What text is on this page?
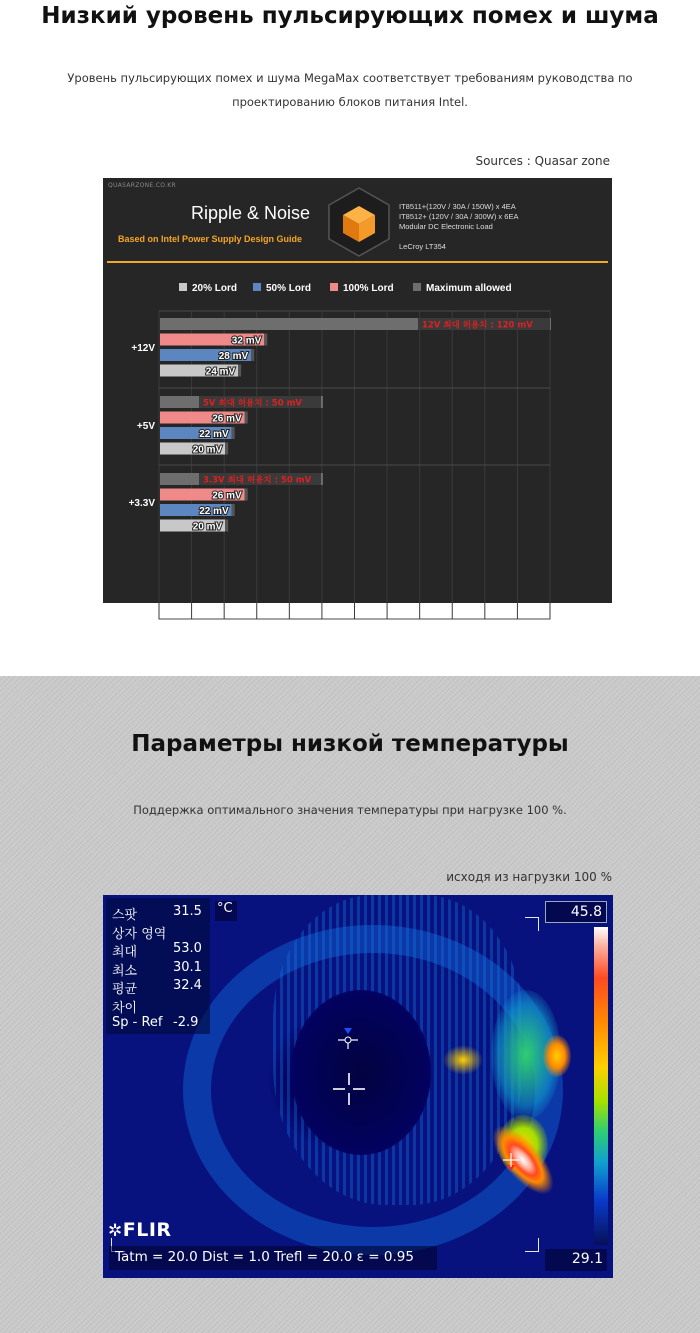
Низкий уровень пульсирующих помех и шума
Уровень пульсирующих помех и шума MegaMax соответствует требованиям руководства по
проектированию блоков питания Intel.
Sources : Quasar zone
QUASARZONE.CO.KR
Ripple & Noise
Based on Intel Power Supply Design Guide
IT8511+(120V / 30A / 150W) x 4EA
IT8512+ (120V / 30A / 300W) x 6EA
Modular DC Electronic Load
LeCroy LT354
20% Lord	50% Lord	100% Lord	Maximum allowed
0 10 20 30 40 50 60 70 80 90 100 110 120
12V 최대 허용치 : 120 mV
32 mV
28 mV
24 mV
+12V
5V 최대 허용치 : 50 mV
26 mV
22 mV
20 mV
+5V
3.3V 최대 허용치 : 50 mV
26 mV
22 mV
20 mV
+3.3V
Параметры низкой температуры
Поддержка оптимального значения температуры при нагрузке 100 %.
исходя из нагрузки 100 %
스팟	31.5
상자 영역
최대	53.0
최소	30.1
평균	32.4
차이
Sp - Ref -2.9
°C	45.8
29.1
✲FLIR
Tatm = 20.0 Dist = 1.0 Trefl = 20.0 ε = 0.95
